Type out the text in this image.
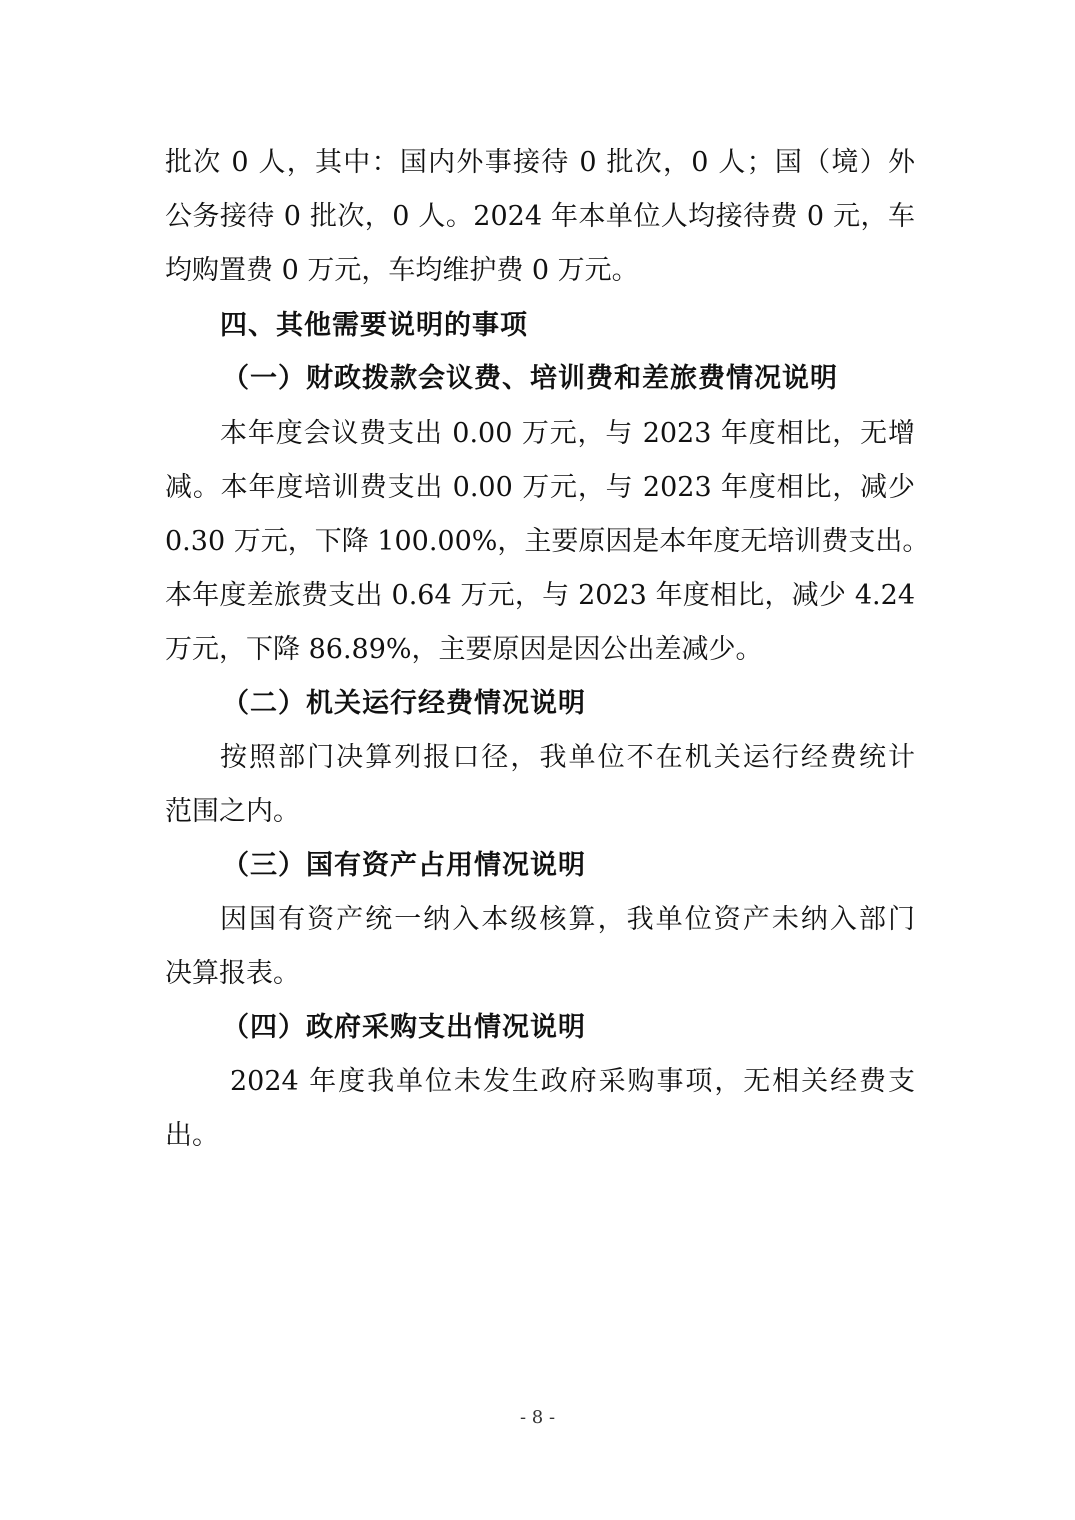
批次 0 人，其中：国内外事接待 0 批次，0 人；国（境）外
公务接待 0 批次，0 人。2024 年本单位人均接待费 0 元，车
均购置费 0 万元，车均维护费 0 万元。
四、其他需要说明的事项
（一）财政拨款会议费、培训费和差旅费情况说明
本年度会议费支出 0.00 万元，与 2023 年度相比，无增
减。本年度培训费支出 0.00 万元，与 2023 年度相比，减少
0.30 万元，下降 100.00%，主要原因是本年度无培训费支出。
本年度差旅费支出 0.64 万元，与 2023 年度相比，减少 4.24
万元，下降 86.89%，主要原因是因公出差减少。
（二）机关运行经费情况说明
按照部门决算列报口径，我单位不在机关运行经费统计
范围之内。
（三）国有资产占用情况说明
因国有资产统一纳入本级核算，我单位资产未纳入部门
决算报表。
（四）政府采购支出情况说明
2024 年度我单位未发生政府采购事项，无相关经费支
出。
- 8 -
